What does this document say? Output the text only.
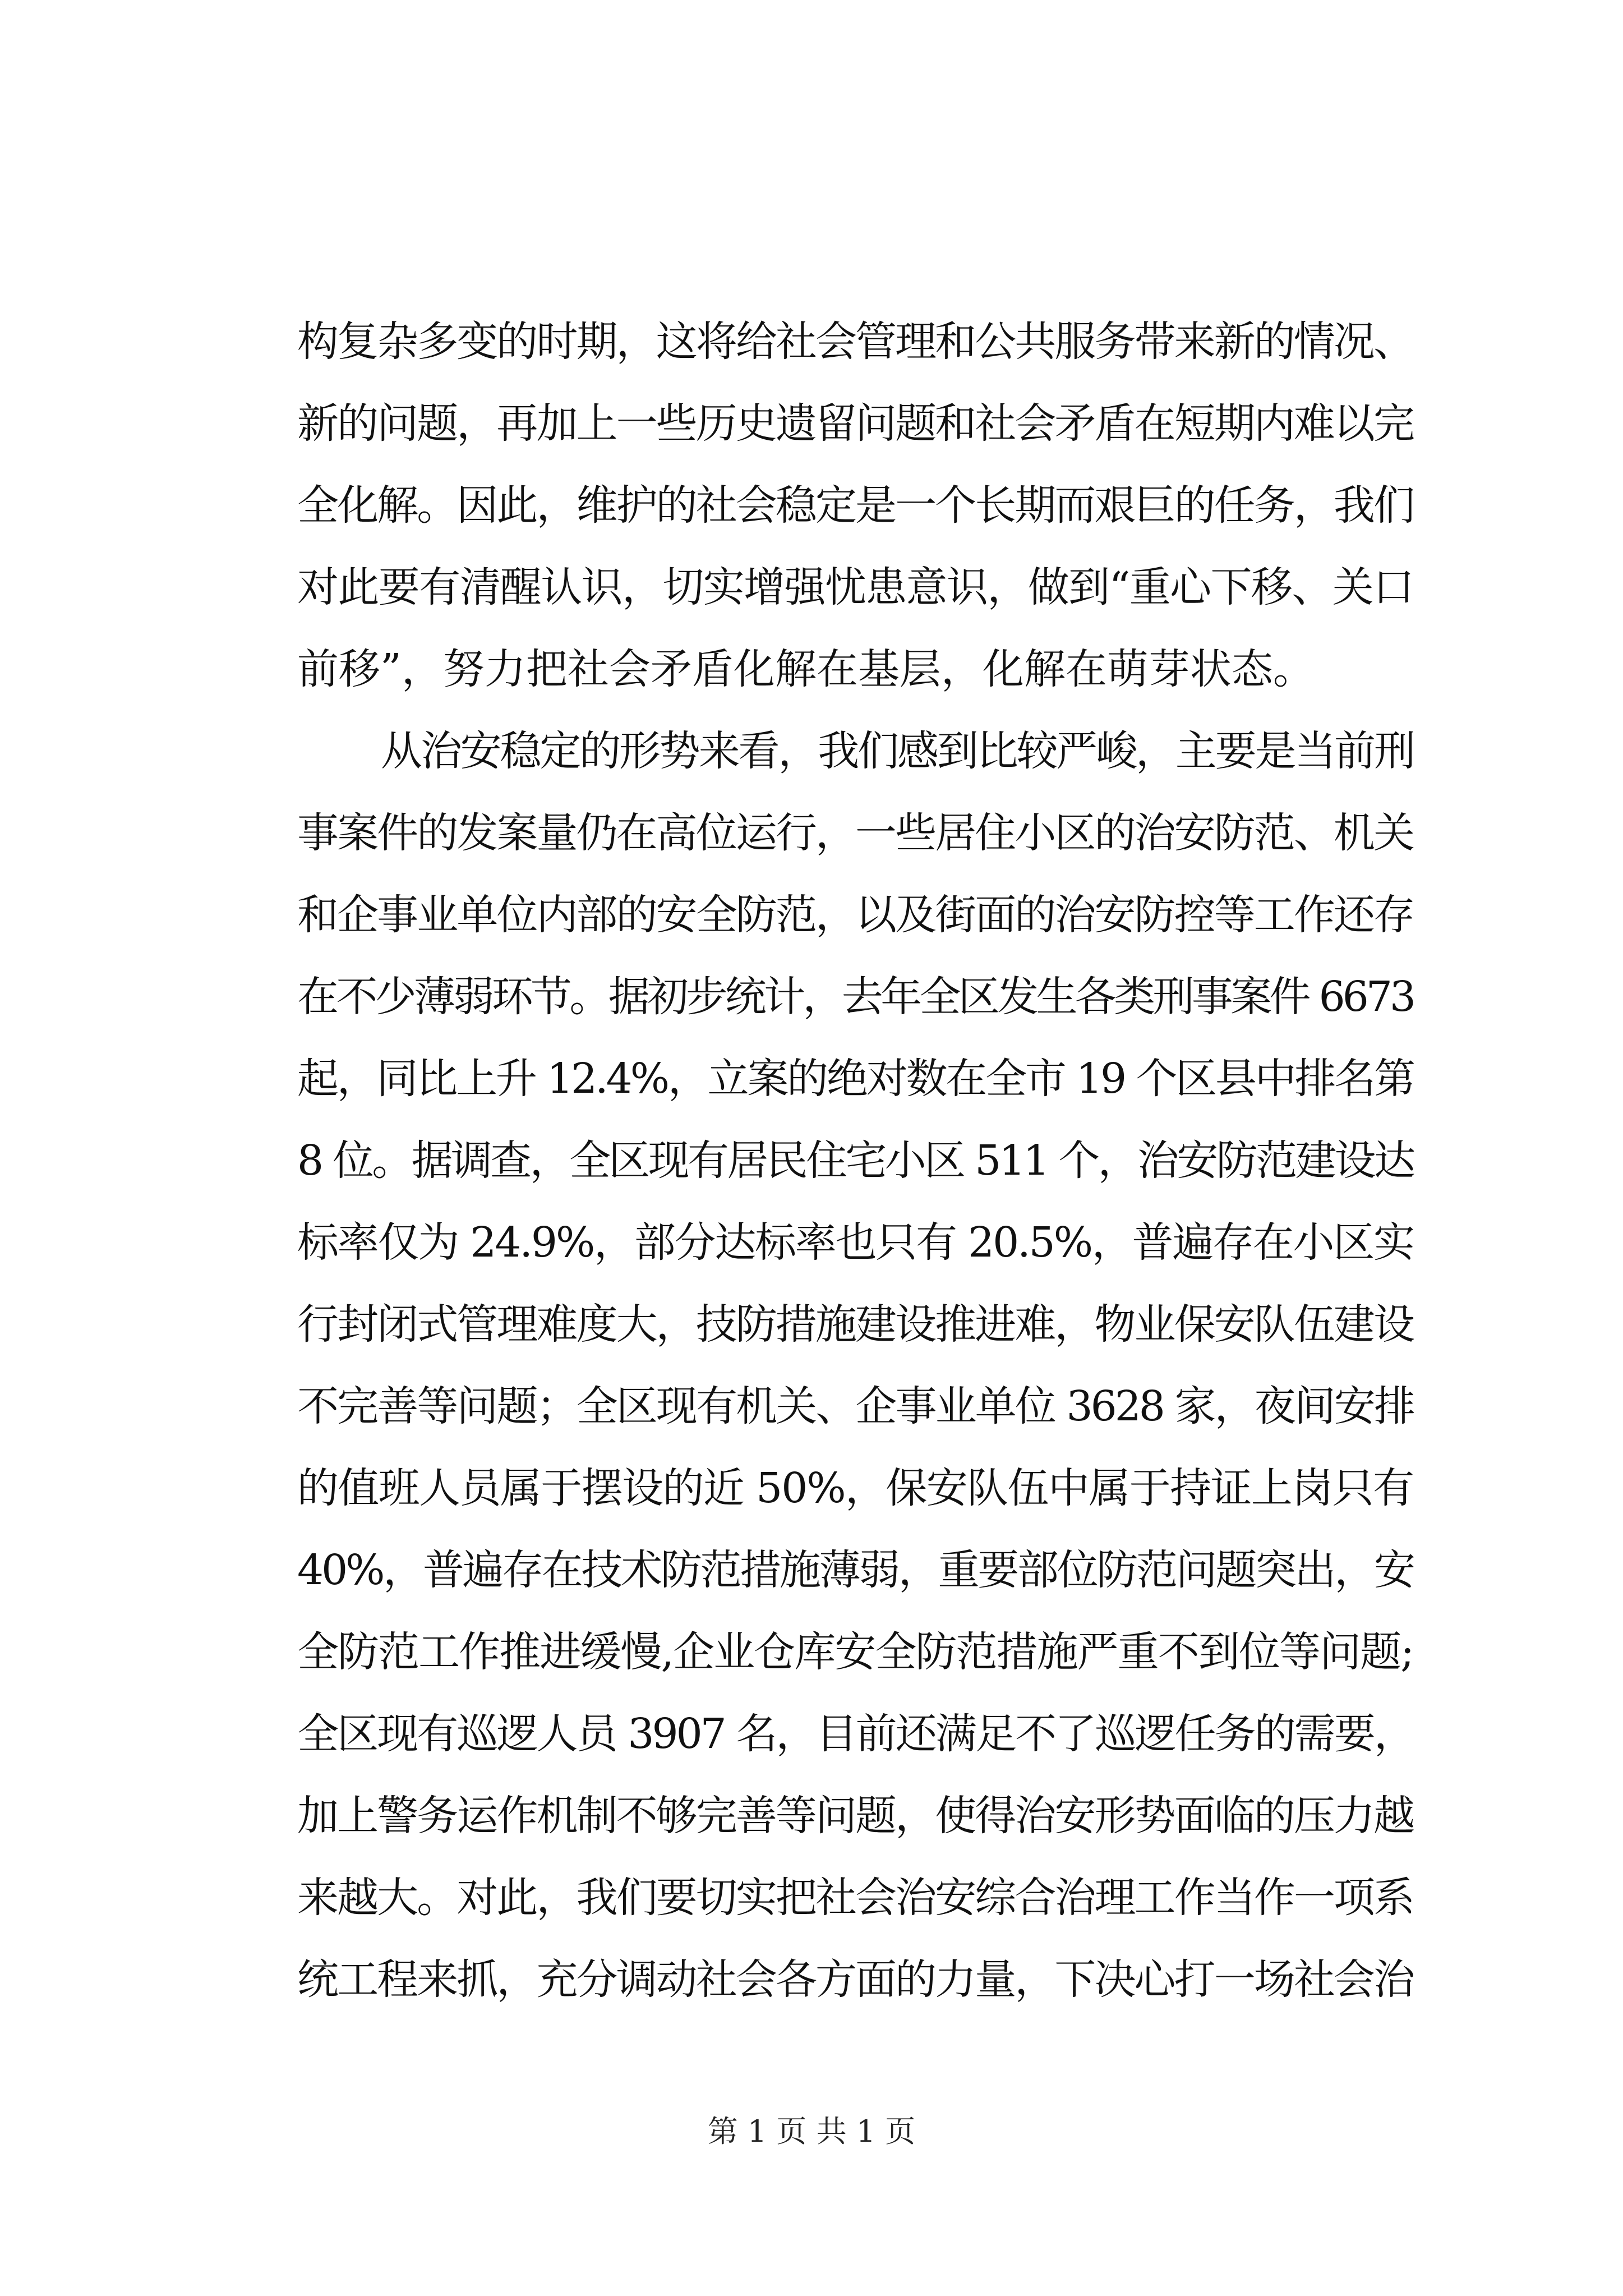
构复杂多变的时期，这将给社会管理和公共服务带来新的情况、
新的问题，再加上一些历史遗留问题和社会矛盾在短期内难以完
全化解。因此，维护的社会稳定是一个长期而艰巨的任务，我们
对此要有清醒认识，切实增强忧患意识，做到“重心下移、关口
前移”，努力把社会矛盾化解在基层，化解在萌芽状态。
从治安稳定的形势来看，我们感到比较严峻，主要是当前刑
事案件的发案量仍在高位运行，一些居住小区的治安防范、机关
和企事业单位内部的安全防范，以及街面的治安防控等工作还存
在不少薄弱环节。据初步统计，去年全区发生各类刑事案件 6673
起，同比上升 12.4%，立案的绝对数在全市 19 个区县中排名第
8 位。据调查，全区现有居民住宅小区 511 个，治安防范建设达
标率仅为 24.9%，部分达标率也只有 20.5%，普遍存在小区实
行封闭式管理难度大，技防措施建设推进难，物业保安队伍建设
不完善等问题；全区现有机关、企事业单位 3628 家，夜间安排
的值班人员属于摆设的近 50%，保安队伍中属于持证上岗只有
40%，普遍存在技术防范措施薄弱，重要部位防范问题突出，安
全防范工作推进缓慢,企业仓库安全防范措施严重不到位等问题;
全区现有巡逻人员 3907 名，目前还满足不了巡逻任务的需要，
加上警务运作机制不够完善等问题，使得治安形势面临的压力越
来越大。对此，我们要切实把社会治安综合治理工作当作一项系
统工程来抓，充分调动社会各方面的力量，下决心打一场社会治
第 1 页 共 1 页
